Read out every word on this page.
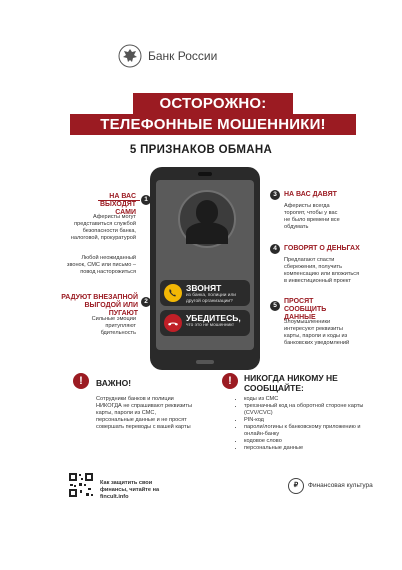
Банк России
ОСТОРОЖНО:
ТЕЛЕФОННЫЕ МОШЕННИКИ!
5 ПРИЗНАКОВ ОБМАНА
ЗВОНЯТ
из банка, полиции или другой организации?
УБЕДИТЕСЬ,
что это не мошенник!
1
НА ВАС ВЫХОДЯТ САМИ
Аферисты могут представиться службой безопасности банка, налоговой, прокуратурой
Любой неожиданный звонок, СМС или письмо – повод насторожиться
2
РАДУЮТ ВНЕЗАПНОЙ ВЫГОДОЙ ИЛИ ПУГАЮТ
Сильные эмоции притупляют бдительность
3	НА ВАС ДАВЯТ
Аферисты всегда торопят, чтобы у вас не было времени все обдумать
4	ГОВОРЯТ О ДЕНЬГАХ
Предлагают спасти сбережения, получить компенсацию или вложиться в инвестиционный проект
5
ПРОСЯТ СООБЩИТЬ ДАННЫЕ
Злоумышленники интересуют реквизиты карты, пароли и коды из банковских уведомлений
!	ВАЖНО!
Сотрудники банков и полиции НИКОГДА не спрашивают реквизиты карты, пароли из СМС, персональные данные и не просят совершать переводы с вашей карты
!	НИКОГДА НИКОМУ НЕ СООБЩАЙТЕ:
• коды из СМС
• трехзначный код на оборотной стороне карты (CVV/CVC)
• PIN-код
• пароли/логины к банковскому приложению и онлайн-банку
• кодовое слово
• персональные данные
Как защитить свои финансы, читайте на fincult.info
₽	Финансовая культура
